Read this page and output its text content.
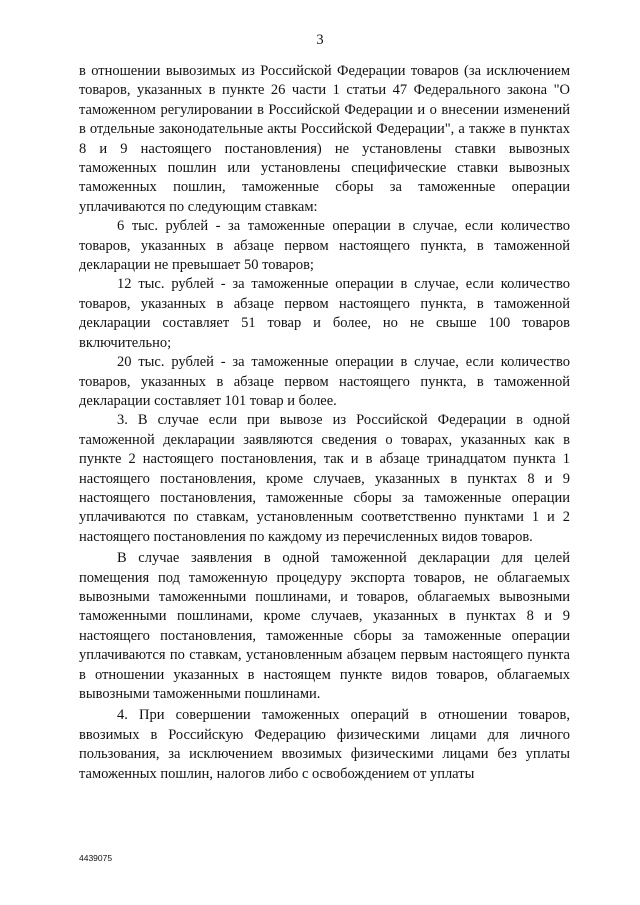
3

в отношении вывозимых из Российской Федерации товаров (за исключением товаров, указанных в пункте 26 части 1 статьи 47 Федерального закона "О таможенном регулировании в Российской Федерации и о внесении изменений в отдельные законодательные акты Российской Федерации", а также в пунктах 8 и 9 настоящего постановления) не установлены ставки вывозных таможенных пошлин или установлены специфические ставки вывозных таможенных пошлин, таможенные сборы за таможенные операции уплачиваются по следующим ставкам:

6 тыс. рублей - за таможенные операции в случае, если количество товаров, указанных в абзаце первом настоящего пункта, в таможенной декларации не превышает 50 товаров;

12 тыс. рублей - за таможенные операции в случае, если количество товаров, указанных в абзаце первом настоящего пункта, в таможенной декларации составляет 51 товар и более, но не свыше 100 товаров включительно;

20 тыс. рублей - за таможенные операции в случае, если количество товаров, указанных в абзаце первом настоящего пункта, в таможенной декларации составляет 101 товар и более.

3. В случае если при вывозе из Российской Федерации в одной таможенной декларации заявляются сведения о товарах, указанных как в пункте 2 настоящего постановления, так и в абзаце тринадцатом пункта 1 настоящего постановления, кроме случаев, указанных в пунктах 8 и 9 настоящего постановления, таможенные сборы за таможенные операции уплачиваются по ставкам, установленным соответственно пунктами 1 и 2 настоящего постановления по каждому из перечисленных видов товаров.

В случае заявления в одной таможенной декларации для целей помещения под таможенную процедуру экспорта товаров, не облагаемых вывозными таможенными пошлинами, и товаров, облагаемых вывозными таможенными пошлинами, кроме случаев, указанных в пунктах 8 и 9 настоящего постановления, таможенные сборы за таможенные операции уплачиваются по ставкам, установленным абзацем первым настоящего пункта в отношении указанных в настоящем пункте видов товаров, облагаемых вывозными таможенными пошлинами.

4. При совершении таможенных операций в отношении товаров, ввозимых в Российскую Федерацию физическими лицами для личного пользования, за исключением ввозимых физическими лицами без уплаты таможенных пошлин, налогов либо с освобождением от уплаты

4439075
